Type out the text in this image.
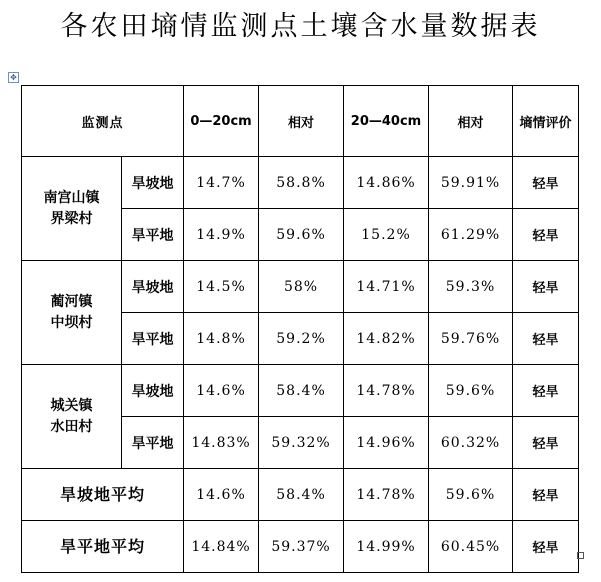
各农田墒情监测点土壤含水量数据表
✥
监测点		0—20cm	相对	20—40cm	相对	墒情评价
南宫山镇
界梁村	旱坡地	14.7%	58.8%	14.86%	59.91%	轻旱
	旱平地	14.9%	59.6%	15.2%	61.29%	轻旱
蔺河镇
中坝村	旱坡地	14.5%	58%	14.71%	59.3%	轻旱
	旱平地	14.8%	59.2%	14.82%	59.76%	轻旱
城关镇
水田村	旱坡地	14.6%	58.4%	14.78%	59.6%	轻旱
	旱平地	14.83%	59.32%	14.96%	60.32%	轻旱
旱坡地平均		14.6%	58.4%	14.78%	59.6%	轻旱
旱平地平均		14.84%	59.37%	14.99%	60.45%	轻旱
